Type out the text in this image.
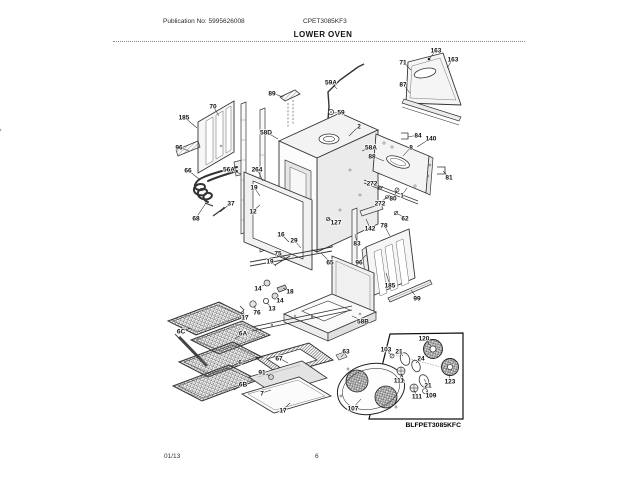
Publication No: 5995626008	CPET3085KF3
LOWER OVEN
BLFPET3085KFC
185
70
96
66
68
37
56A	264
19
12
89
58D
59A
59
2
58A
71
163
163
87
84 140
8
88
272
272
80 1
81
62
142 78
185
99
96
83
65
127
16
29
75
19
14	18
14
13
76
17
58B
6C	6A
6
6B
67
91
7
17
63
107
120
103 21
24
21
123
111
111 109
01/13	6
